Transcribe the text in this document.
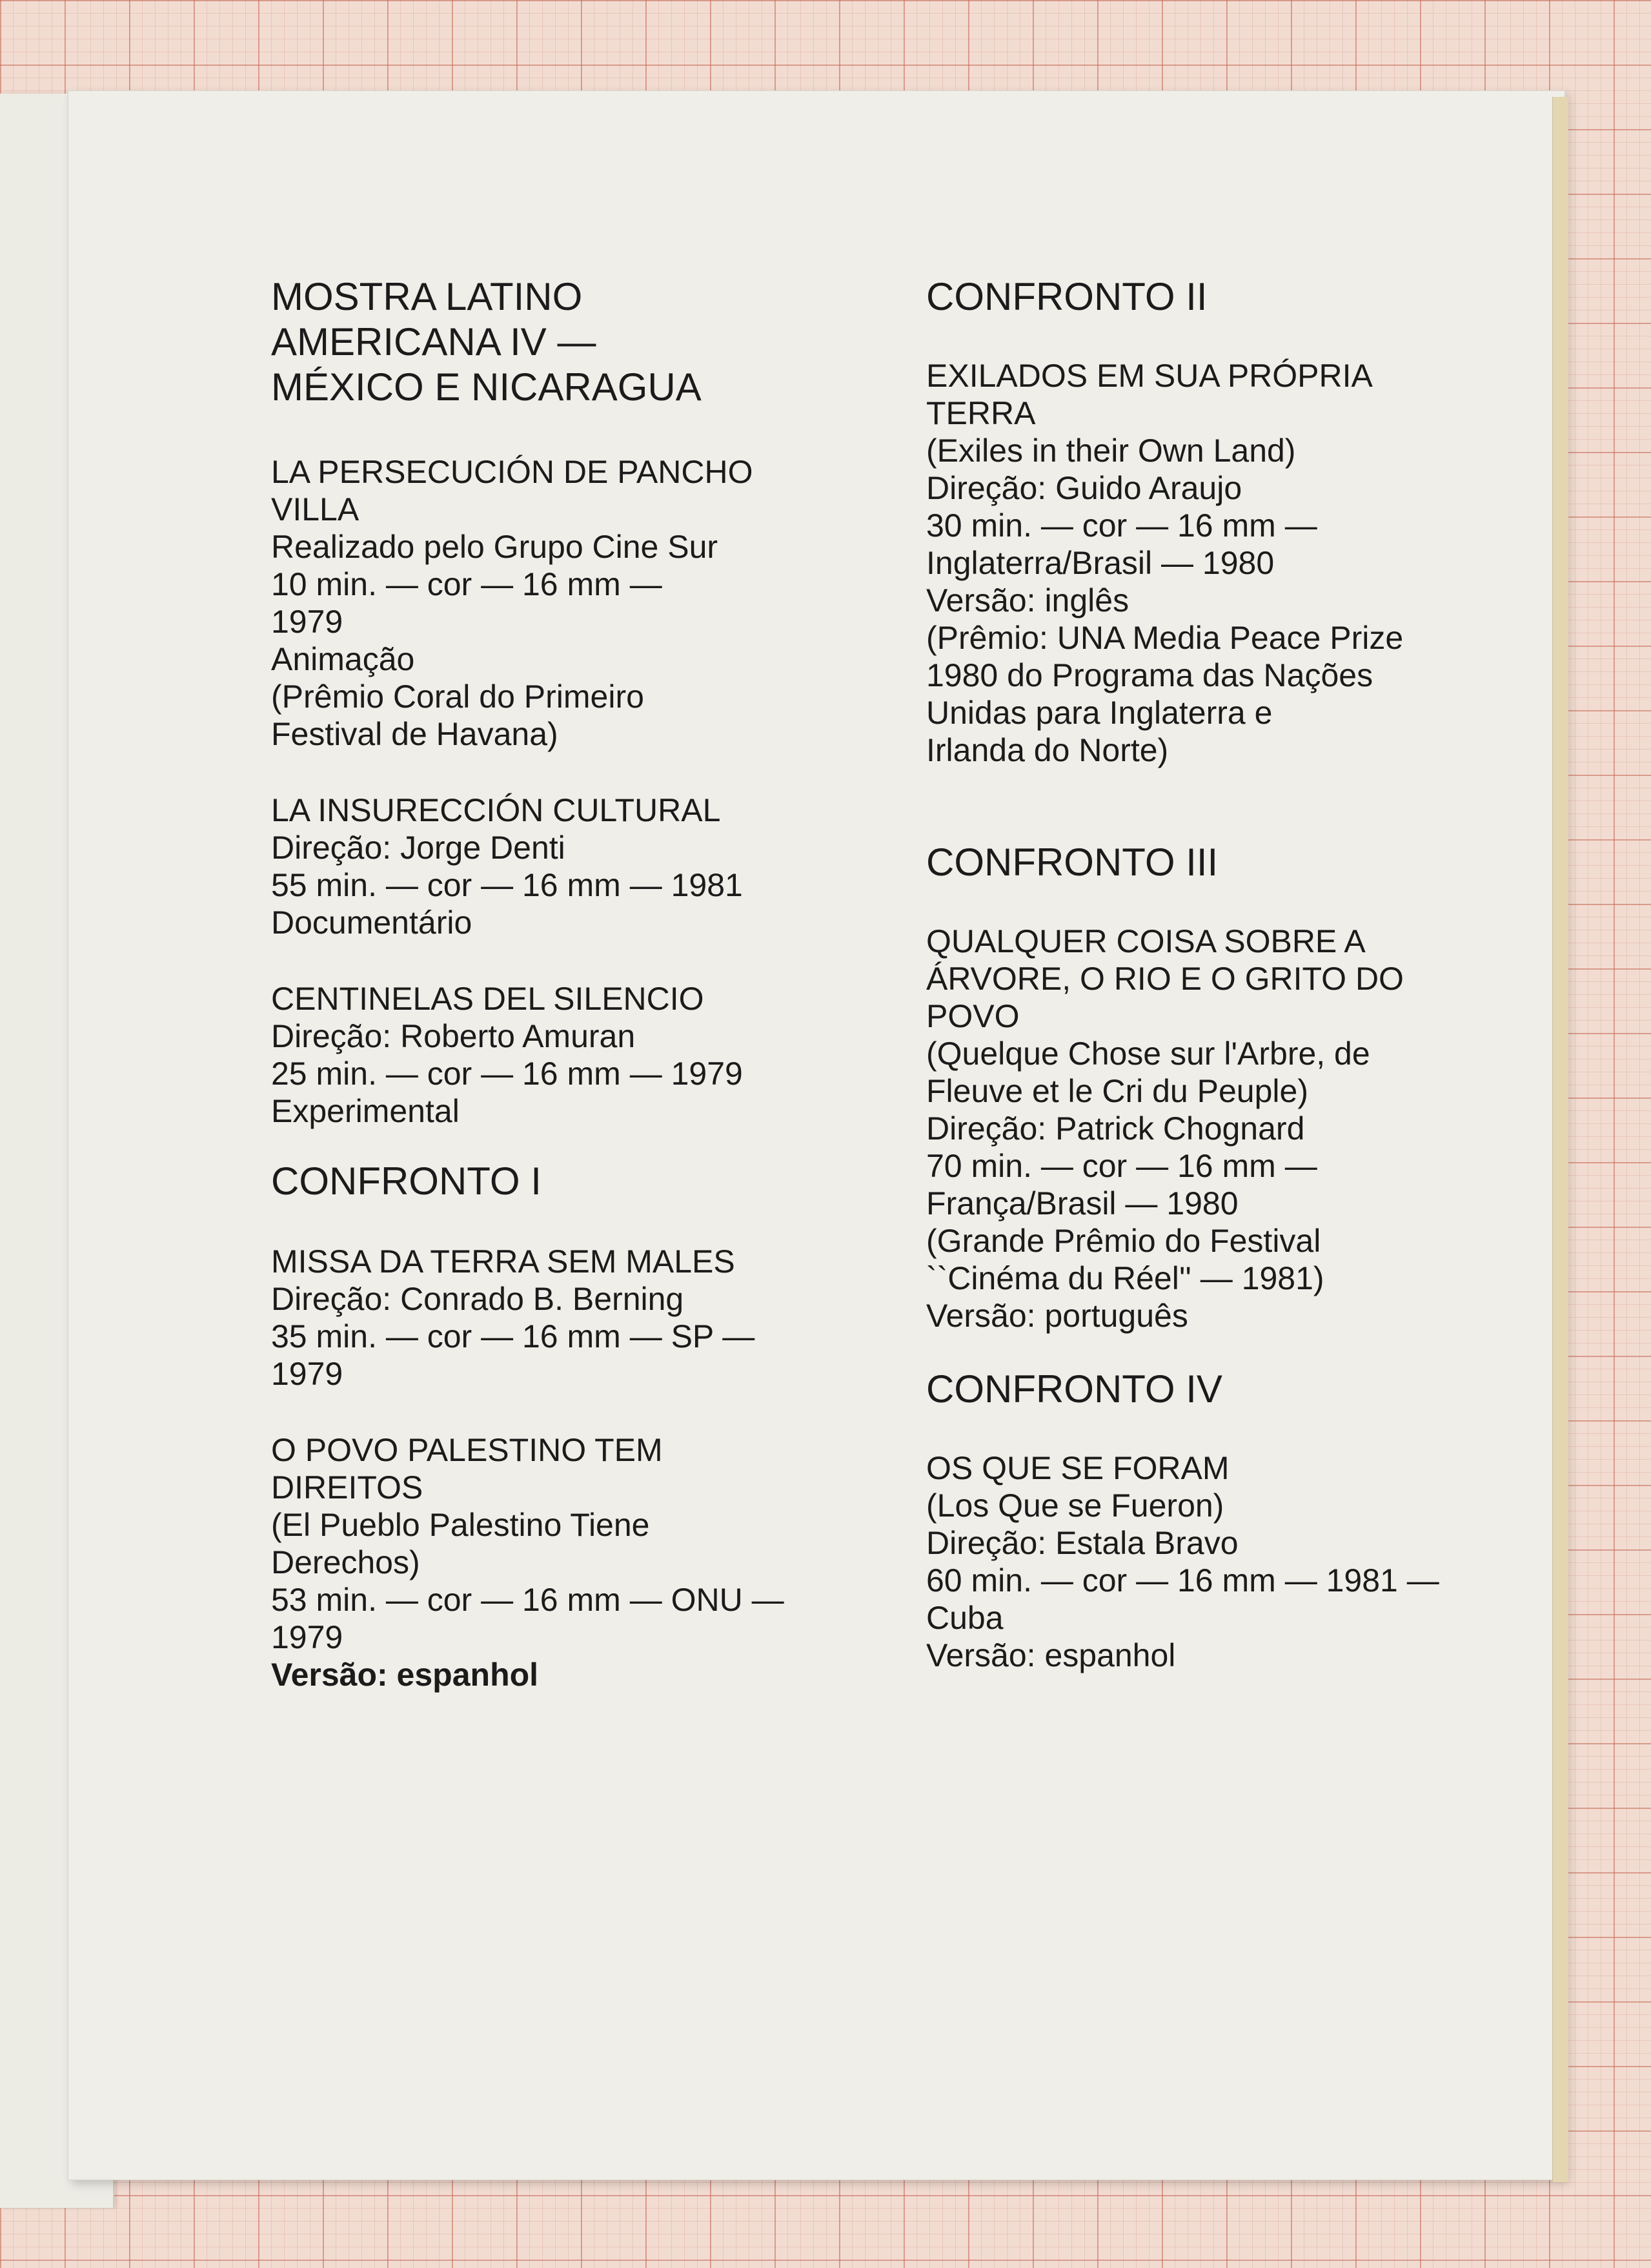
MOSTRA LATINO
AMERICANA IV —
MÉXICO E NICARAGUA
LA PERSECUCIÓN DE PANCHO
VILLA
Realizado pelo Grupo Cine Sur
10 min. — cor — 16 mm —
1979
Animação
(Prêmio Coral do Primeiro
Festival de Havana)
LA INSURECCIÓN CULTURAL
Direção: Jorge Denti
55 min. — cor — 16 mm — 1981
Documentário
CENTINELAS DEL SILENCIO
Direção: Roberto Amuran
25 min. — cor — 16 mm — 1979
Experimental
CONFRONTO I
MISSA DA TERRA SEM MALES
Direção: Conrado B. Berning
35 min. — cor — 16 mm — SP —
1979
O POVO PALESTINO TEM
DIREITOS
(El Pueblo Palestino Tiene
Derechos)
53 min. — cor — 16 mm — ONU —
1979
Versão: espanhol
CONFRONTO II
EXILADOS EM SUA PRÓPRIA
TERRA
(Exiles in their Own Land)
Direção: Guido Araujo
30 min. — cor — 16 mm —
Inglaterra/Brasil — 1980
Versão: inglês
(Prêmio: UNA Media Peace Prize
1980 do Programa das Nações
Unidas para Inglaterra e
Irlanda do Norte)
CONFRONTO III
QUALQUER COISA SOBRE A
ÁRVORE, O RIO E O GRITO DO
POVO
(Quelque Chose sur l'Arbre, de
Fleuve et le Cri du Peuple)
Direção: Patrick Chognard
70 min. — cor — 16 mm —
França/Brasil — 1980
(Grande Prêmio do Festival
``Cinéma du Réel'' — 1981)
Versão: português
CONFRONTO IV
OS QUE SE FORAM
(Los Que se Fueron)
Direção: Estala Bravo
60 min. — cor — 16 mm — 1981 —
Cuba
Versão: espanhol
